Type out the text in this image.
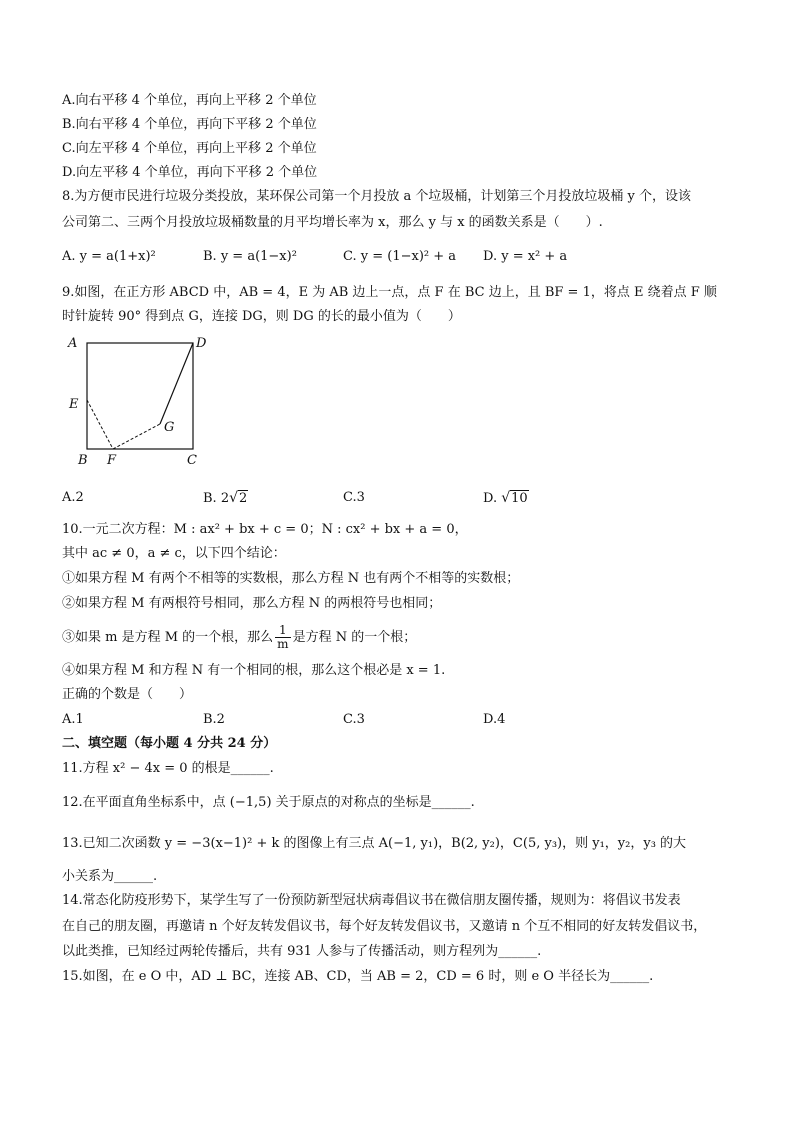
A.向右平移 4 个单位，再向上平移 2 个单位
B.向右平移 4 个单位，再向下平移 2 个单位
C.向左平移 4 个单位，再向上平移 2 个单位
D.向左平移 4 个单位，再向下平移 2 个单位
8.为方便市民进行垃圾分类投放，某环保公司第一个月投放 a 个垃圾桶，计划第三个月投放垃圾桶 y 个，设该
公司第二、三两个月投放垃圾桶数量的月平均增长率为 x，那么 y 与 x 的函数关系是（　　）.
A. y = a(1+x)²	B. y = a(1−x)²	C. y = (1−x)² + a D. y = x² + a
9.如图，在正方形 ABCD 中，AB = 4，E 为 AB 边上一点，点 F 在 BC 边上，且 BF = 1，将点 E 绕着点 F 顺
时针旋转 90° 得到点 G，连接 DG，则 DG 的长的最小值为（　　）
A	D
E
G
B F	C
A.2	B. 2√2	C.3	D. √10
10.一元二次方程：M : ax² + bx + c = 0；N : cx² + bx + a = 0，
其中 ac ≠ 0，a ≠ c，以下四个结论：
①如果方程 M 有两个不相等的实数根，那么方程 N 也有两个不相等的实数根；
②如果方程 M 有两根符号相同，那么方程 N 的两根符号也相同；
③如果 m 是方程 M 的一个根，那么 $\frac{1}{m}$ 是方程 N 的一个根；
④如果方程 M 和方程 N 有一个相同的根，那么这个根必是 x = 1.
正确的个数是（　　）
A.1	B.2	C.3	D.4
二、填空题（每小题 4 分共 24 分）
11.方程 x² − 4x = 0 的根是______.
12.在平面直角坐标系中，点 (−1,5) 关于原点的对称点的坐标是______.
13.已知二次函数 y = −3(x−1)² + k 的图像上有三点 A(−1, y₁)，B(2, y₂)，C(5, y₃)，则 y₁，y₂，y₃ 的大
小关系为______.
14.常态化防疫形势下，某学生写了一份预防新型冠状病毒倡议书在微信朋友圈传播，规则为：将倡议书发表
在自己的朋友圈，再邀请 n 个好友转发倡议书，每个好友转发倡议书，又邀请 n 个互不相同的好友转发倡议书，
以此类推，已知经过两轮传播后，共有 931 人参与了传播活动，则方程列为______.
15.如图，在 e O 中，AD ⊥ BC，连接 AB、CD，当 AB = 2，CD = 6 时，则 e O 半径长为______.
